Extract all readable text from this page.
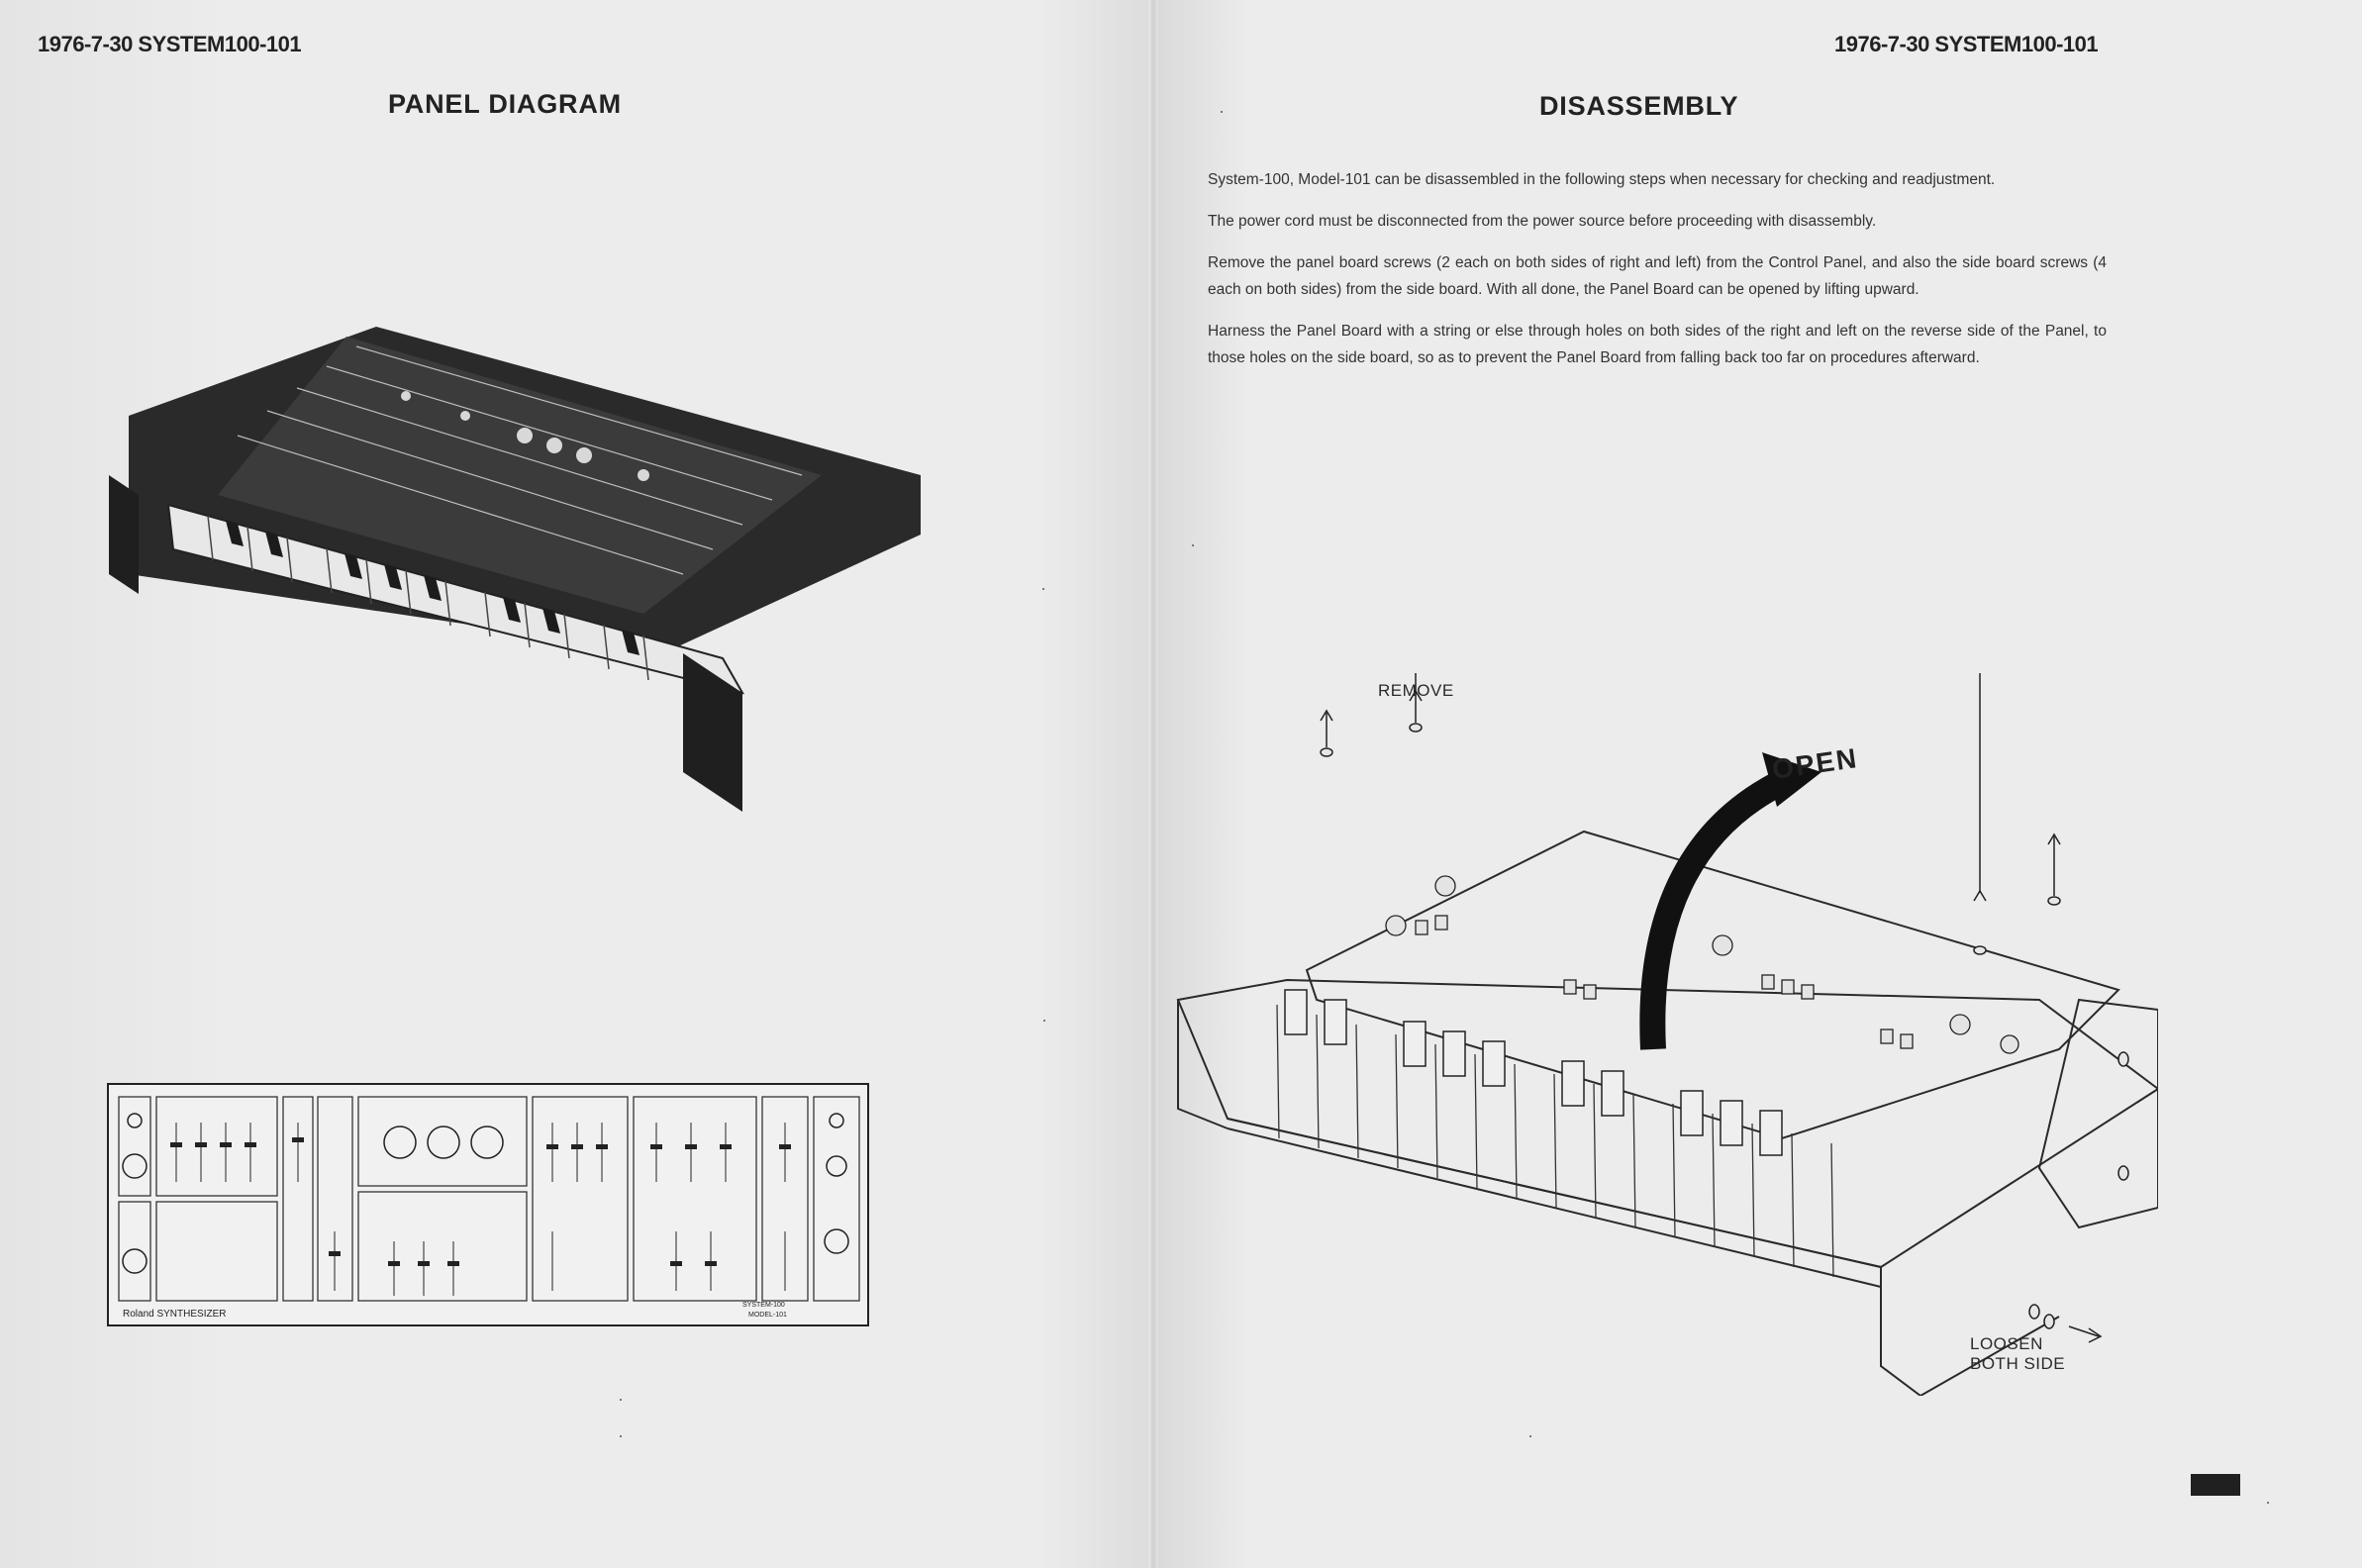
1976-7-30 SYSTEM100-101	1976-7-30 SYSTEM100-101
PANEL DIAGRAM	DISASSEMBLY

System-100, Model-101 can be disassembled in the following steps when necessary for checking and readjustment.

The power cord must be disconnected from the power source before proceeding with disassembly.

Remove the panel board screws (2 each on both sides of right and left) from the Control Panel, and also the side board screws (4 each on both sides) from the side board. With all done, the Panel Board can be opened by lifting upward.

Harness the Panel Board with a string or else through holes on both sides of the right and left on the reverse side of the Panel, to those holes on the side board, so as to prevent the Panel Board from falling back too far on procedures afterward.

Roland SYNTHESIZER
SYSTEM-100
MODEL-101
REMOVE
OPEN
LOOSEN
BOTH SIDE
